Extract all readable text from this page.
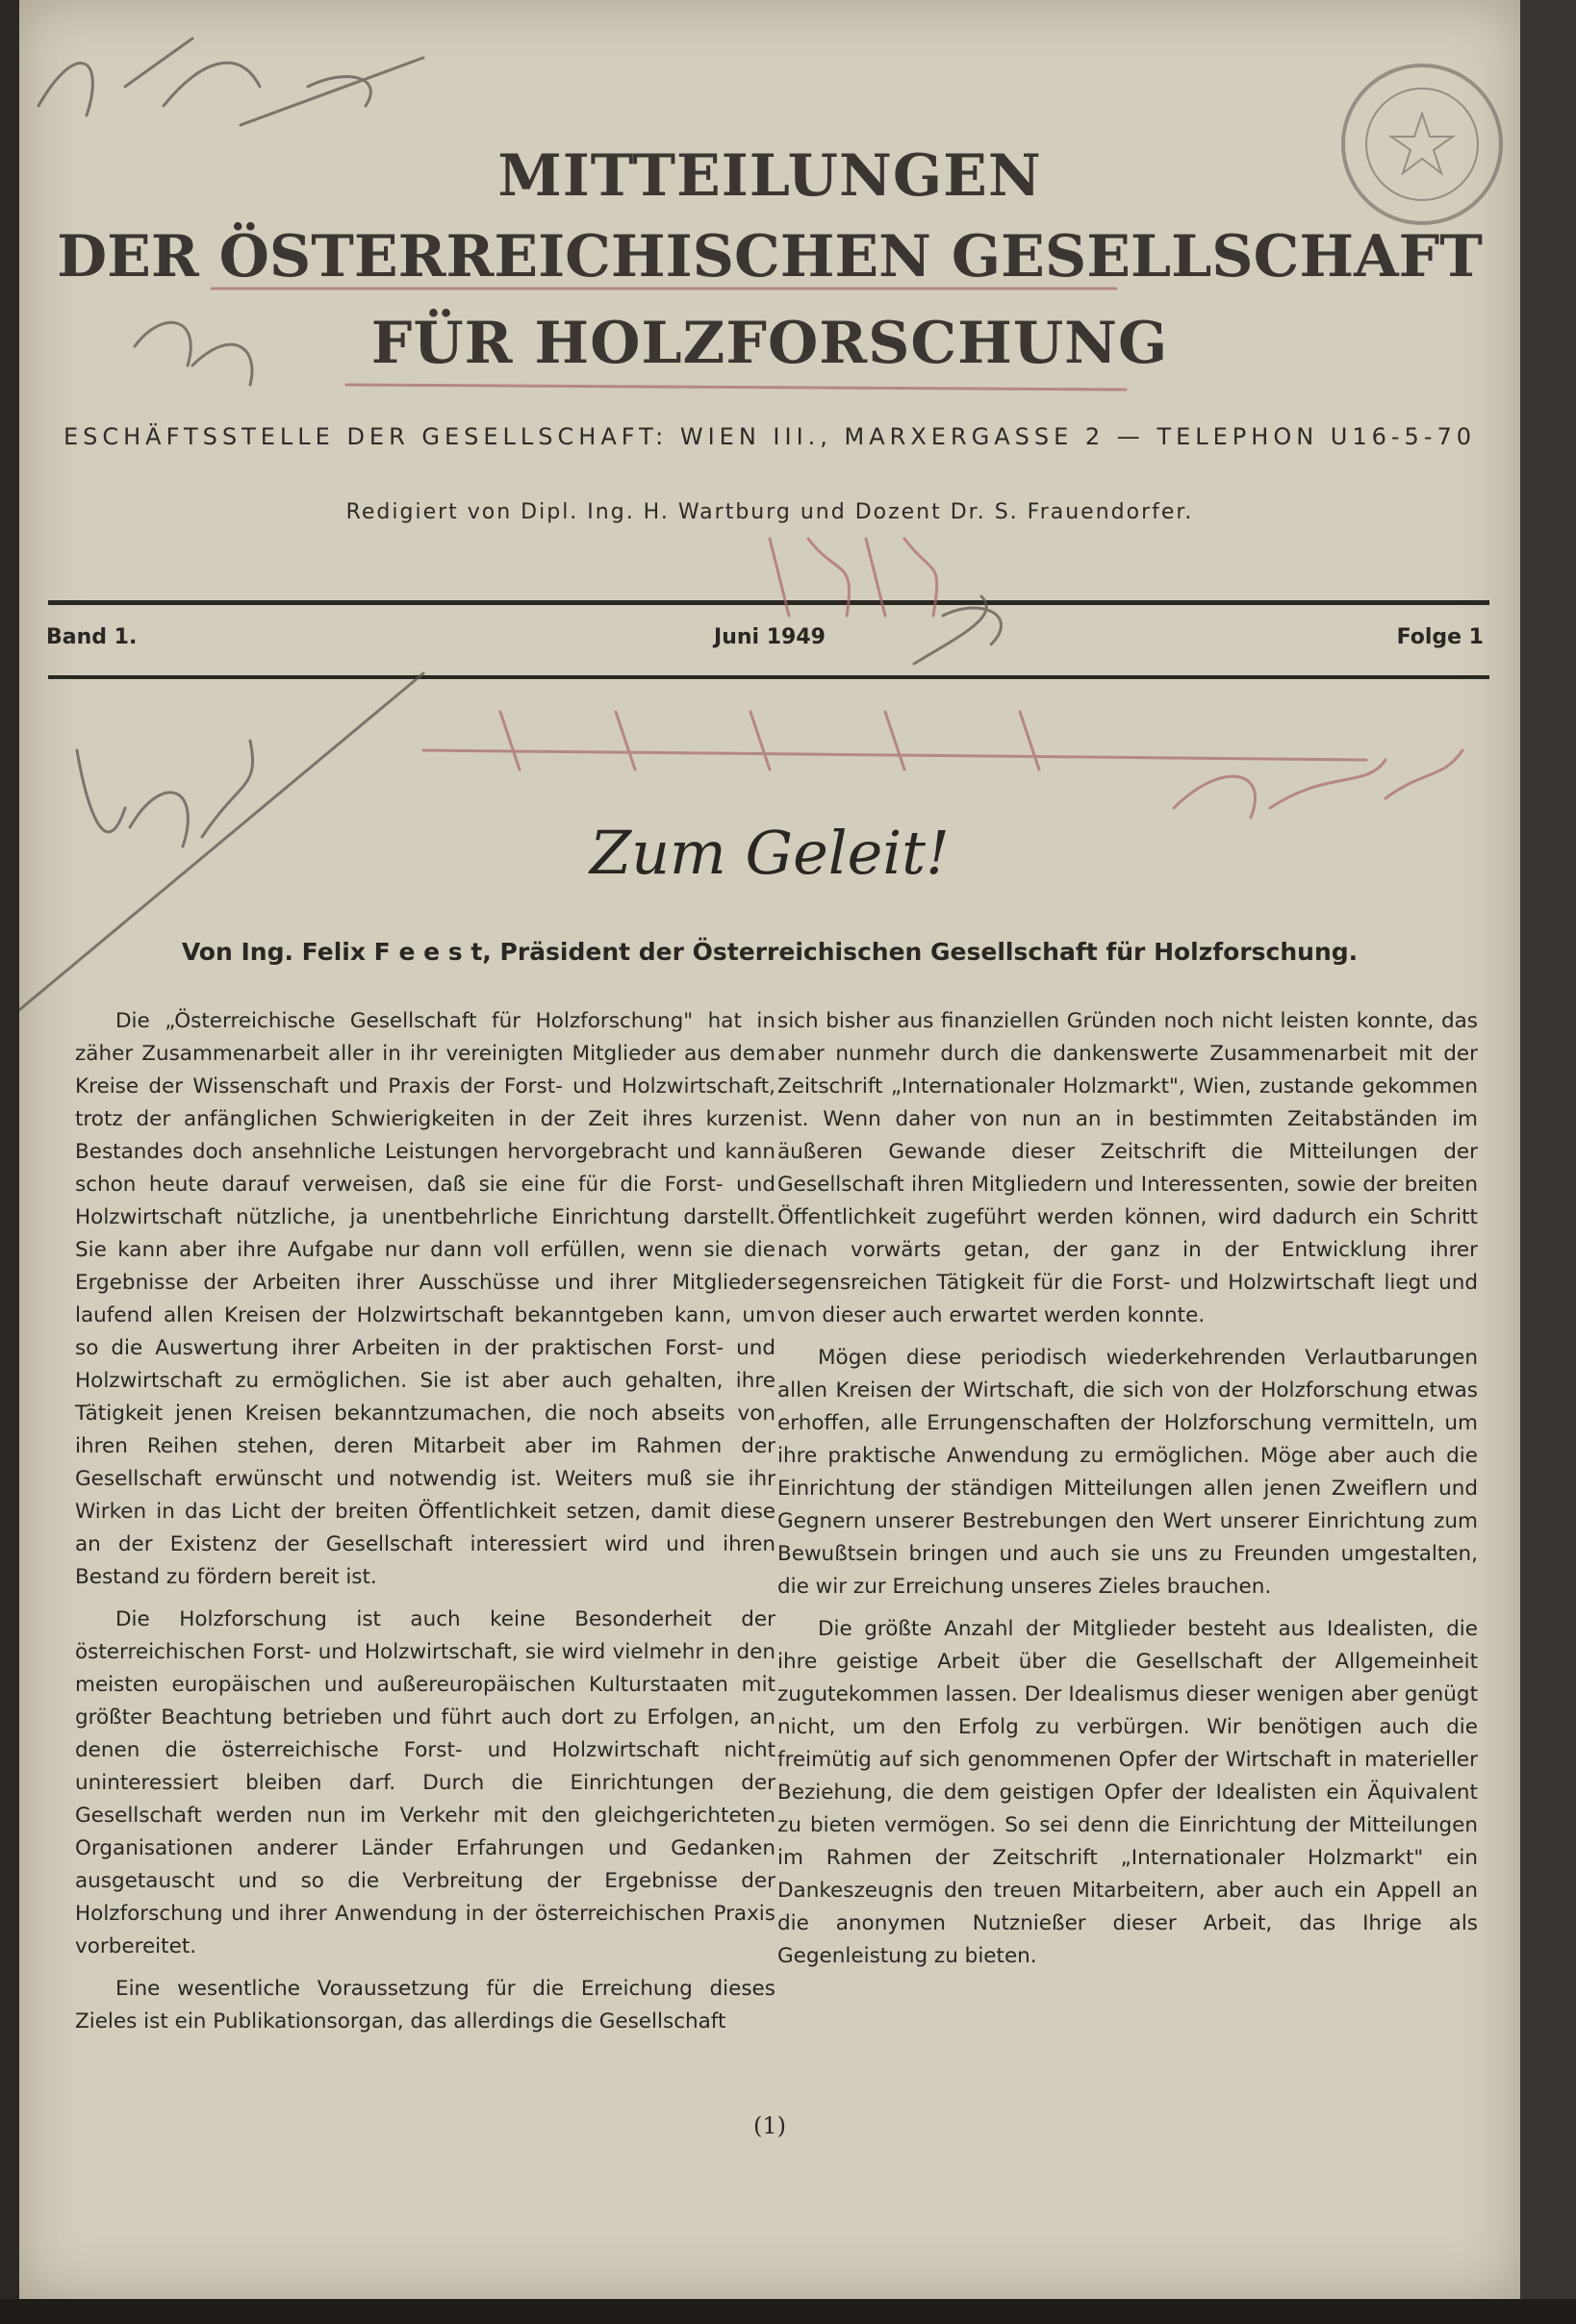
MITTEILUNGEN
DER ÖSTERREICHISCHEN GESELLSCHAFT
FÜR HOLZFORSCHUNG
ESCHÄFTSSTELLE DER GESELLSCHAFT: WIEN III., MARXERGASSE 2 — TELEPHON U16-5-70
Redigiert von Dipl. Ing. H. Wartburg und Dozent Dr. S. Frauendorfer.
Band 1.	Juni 1949	Folge 1
Zum Geleit!
Von Ing. Felix F e e s t, Präsident der Österreichischen Gesellschaft für Holzforschung.

Die „Österreichische Gesellschaft für Holzforschung" hat in zäher Zusammenarbeit aller in ihr vereinigten Mitglieder aus dem Kreise der Wissenschaft und Praxis der Forst- und Holzwirtschaft, trotz der anfänglichen Schwierigkeiten in der Zeit ihres kurzen Bestandes doch ansehnliche Leistungen hervorgebracht und kann schon heute darauf verweisen, daß sie eine für die Forst- und Holzwirtschaft nützliche, ja unentbehrliche Einrichtung darstellt. Sie kann aber ihre Aufgabe nur dann voll erfüllen, wenn sie die Ergebnisse der Arbeiten ihrer Ausschüsse und ihrer Mitglieder laufend allen Kreisen der Holzwirtschaft bekanntgeben kann, um so die Auswertung ihrer Arbeiten in der praktischen Forst- und Holzwirtschaft zu ermöglichen. Sie ist aber auch gehalten, ihre Tätigkeit jenen Kreisen bekanntzumachen, die noch abseits von ihren Reihen stehen, deren Mitarbeit aber im Rahmen der Gesellschaft erwünscht und notwendig ist. Weiters muß sie ihr Wirken in das Licht der breiten Öffentlichkeit setzen, damit diese an der Existenz der Gesellschaft interessiert wird und ihren Bestand zu fördern bereit ist.

Die Holzforschung ist auch keine Besonderheit der österreichischen Forst- und Holzwirtschaft, sie wird vielmehr in den meisten europäischen und außereuropäischen Kulturstaaten mit größter Beachtung betrieben und führt auch dort zu Erfolgen, an denen die österreichische Forst- und Holzwirtschaft nicht uninteressiert bleiben darf. Durch die Einrichtungen der Gesellschaft werden nun im Verkehr mit den gleichgerichteten Organisationen anderer Länder Erfahrungen und Gedanken ausgetauscht und so die Verbreitung der Ergebnisse der Holzforschung und ihrer Anwendung in der österreichischen Praxis vorbereitet.

Eine wesentliche Voraussetzung für die Erreichung dieses Zieles ist ein Publikationsorgan, das allerdings die Gesellschaft

sich bisher aus finanziellen Gründen noch nicht leisten konnte, das aber nunmehr durch die dankenswerte Zusammenarbeit mit der Zeitschrift „Internationaler Holzmarkt", Wien, zustande gekommen ist. Wenn daher von nun an in bestimmten Zeitabständen im äußeren Gewande dieser Zeitschrift die Mitteilungen der Gesellschaft ihren Mitgliedern und Interessenten, sowie der breiten Öffentlichkeit zugeführt werden können, wird dadurch ein Schritt nach vorwärts getan, der ganz in der Entwicklung ihrer segensreichen Tätigkeit für die Forst- und Holzwirtschaft liegt und von dieser auch erwartet werden konnte.

Mögen diese periodisch wiederkehrenden Verlautbarungen allen Kreisen der Wirtschaft, die sich von der Holzforschung etwas erhoffen, alle Errungenschaften der Holzforschung vermitteln, um ihre praktische Anwendung zu ermöglichen. Möge aber auch die Einrichtung der ständigen Mitteilungen allen jenen Zweiflern und Gegnern unserer Bestrebungen den Wert unserer Einrichtung zum Bewußtsein bringen und auch sie uns zu Freunden umgestalten, die wir zur Erreichung unseres Zieles brauchen.

Die größte Anzahl der Mitglieder besteht aus Idealisten, die ihre geistige Arbeit über die Gesellschaft der Allgemeinheit zugutekommen lassen. Der Idealismus dieser wenigen aber genügt nicht, um den Erfolg zu verbürgen. Wir benötigen auch die freimütig auf sich genommenen Opfer der Wirtschaft in materieller Beziehung, die dem geistigen Opfer der Idealisten ein Äquivalent zu bieten vermögen. So sei denn die Einrichtung der Mitteilungen im Rahmen der Zeitschrift „Internationaler Holzmarkt" ein Dankeszeugnis den treuen Mitarbeitern, aber auch ein Appell an die anonymen Nutznießer dieser Arbeit, das Ihrige als Gegenleistung zu bieten.

(1)
